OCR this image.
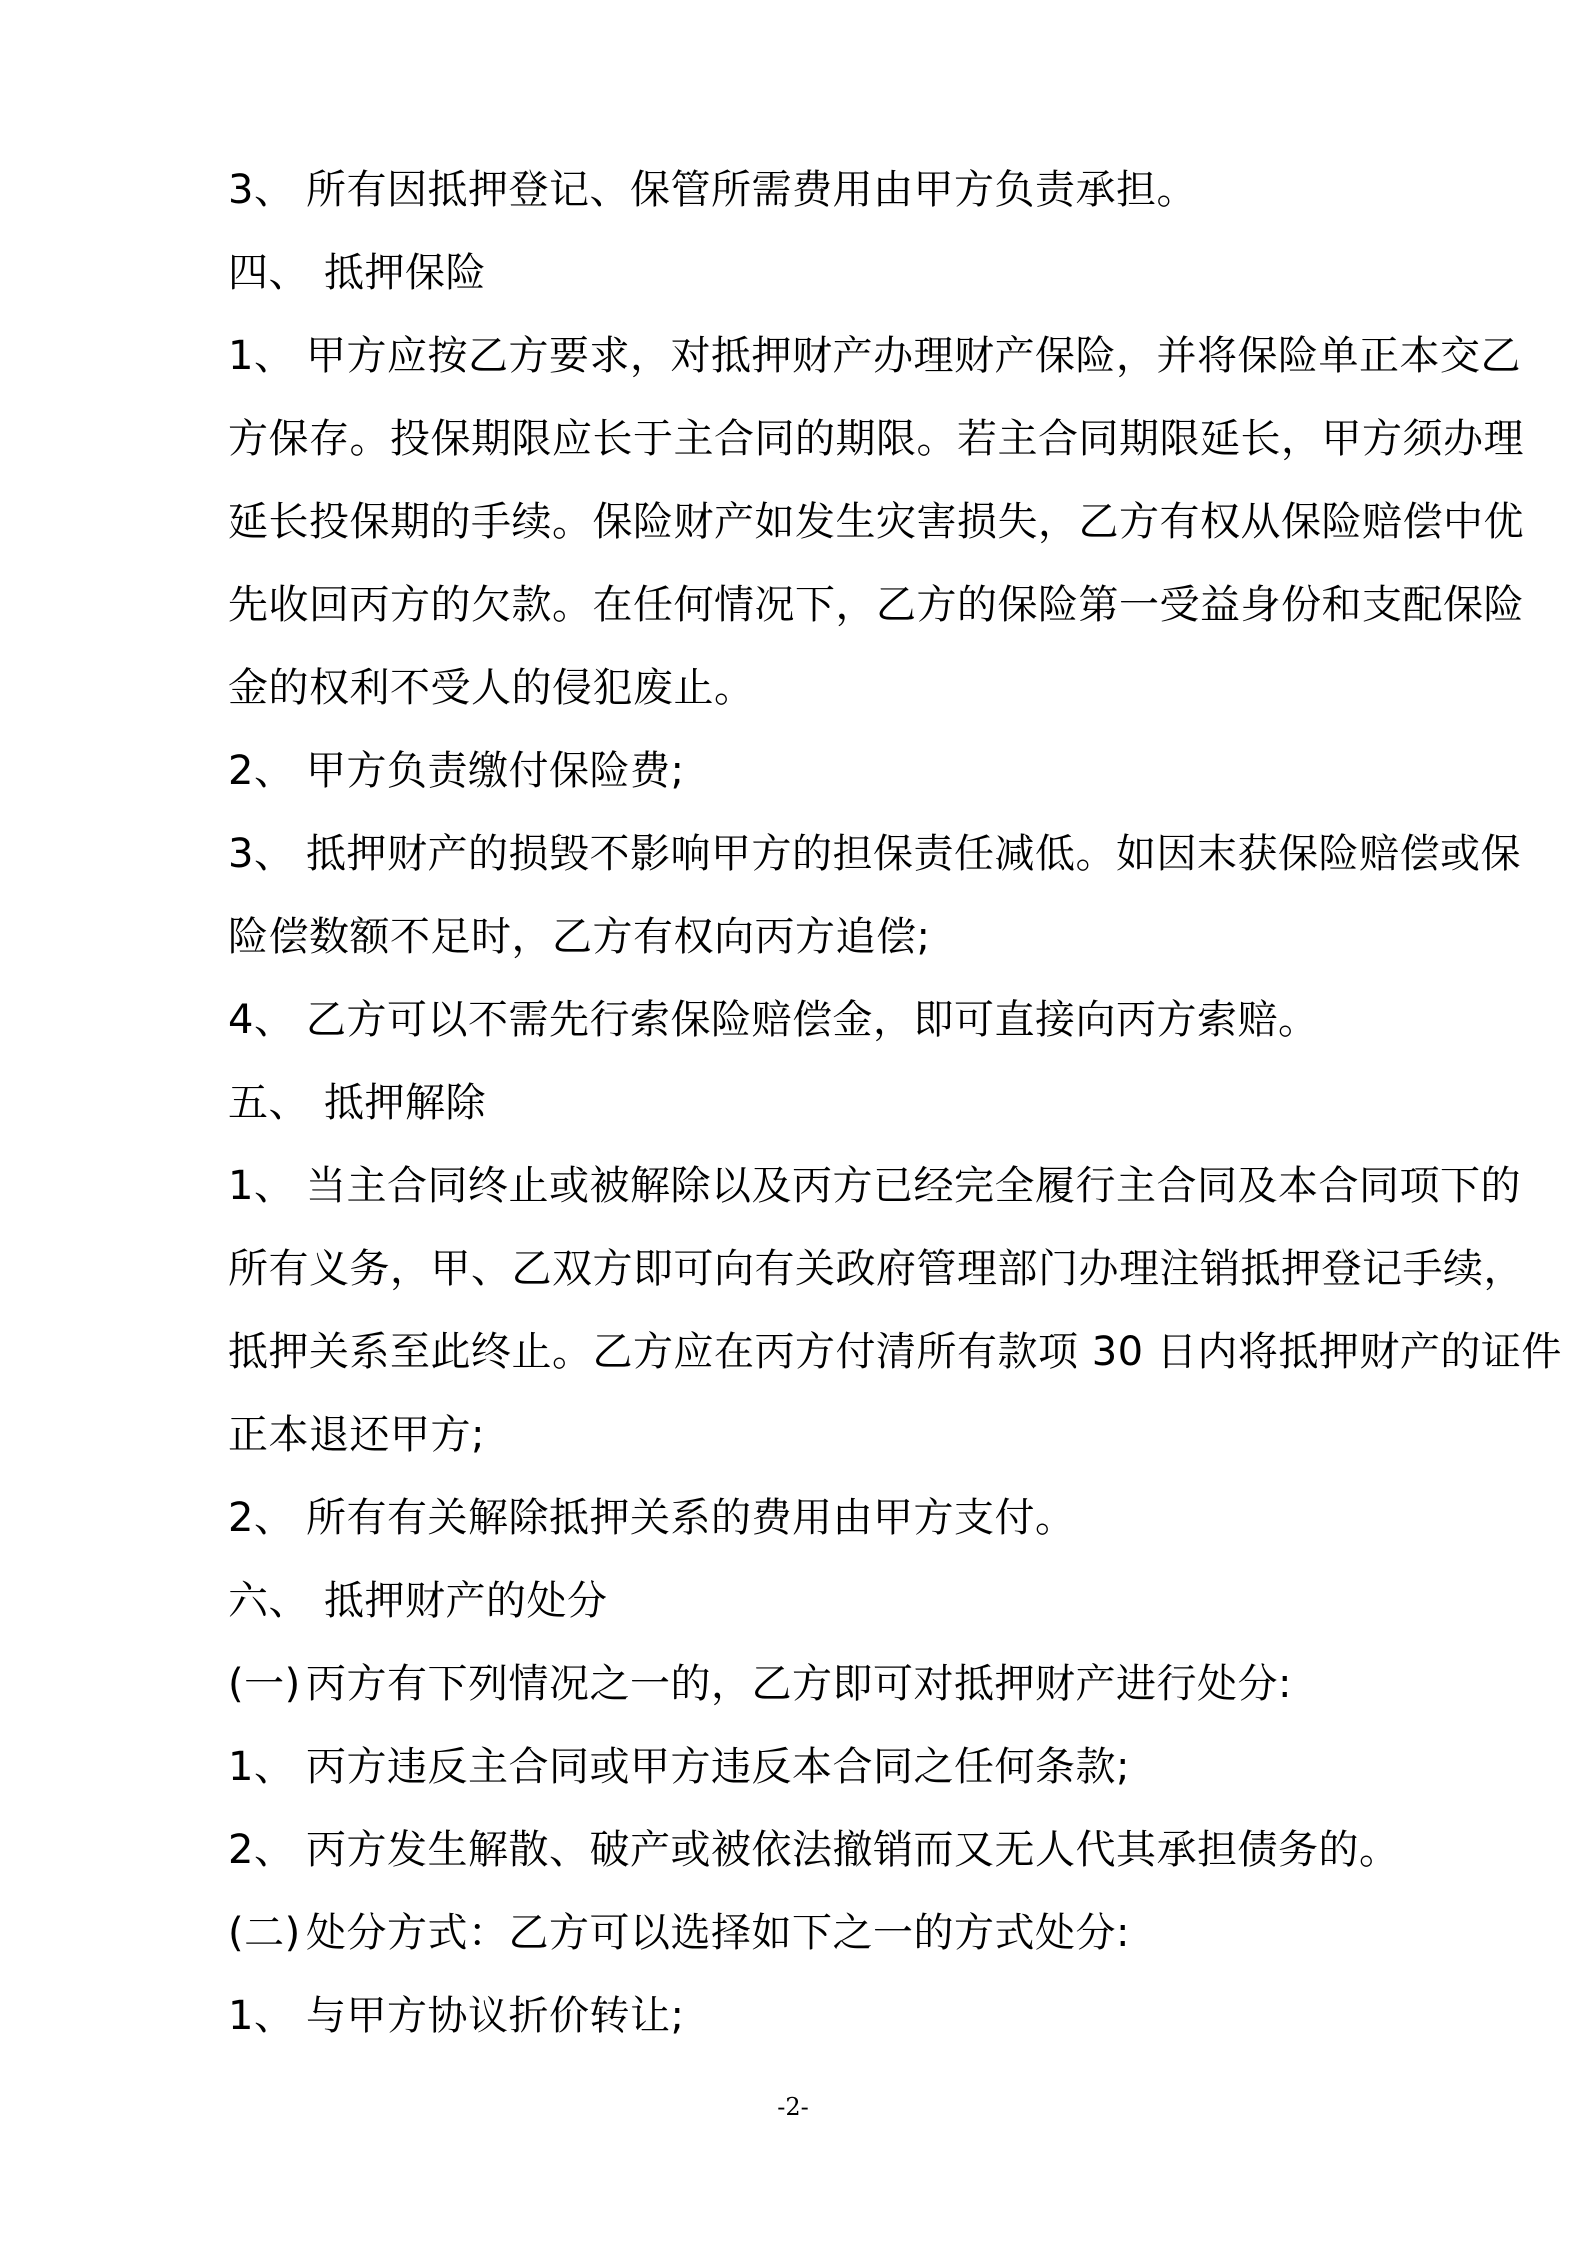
3、 所有因抵押登记、保管所需费用由甲方负责承担。
四、 抵押保险
1、 甲方应按乙方要求，对抵押财产办理财产保险，并将保险单正本交乙
方保存。投保期限应长于主合同的期限。若主合同期限延长，甲方须办理
延长投保期的手续。保险财产如发生灾害损失，乙方有权从保险赔偿中优
先收回丙方的欠款。在任何情况下，乙方的保险第一受益身份和支配保险
金的权利不受人的侵犯废止。
2、 甲方负责缴付保险费;
3、 抵押财产的损毁不影响甲方的担保责任减低。如因末获保险赔偿或保
险偿数额不足时，乙方有权向丙方追偿;
4、 乙方可以不需先行索保险赔偿金，即可直接向丙方索赔。
五、 抵押解除
1、 当主合同终止或被解除以及丙方已经完全履行主合同及本合同项下的
所有义务，甲、乙双方即可向有关政府管理部门办理注销抵押登记手续，
抵押关系至此终止。乙方应在丙方付清所有款项 30 日内将抵押财产的证件
正本退还甲方;
2、 所有有关解除抵押关系的费用由甲方支付。
六、 抵押财产的处分
(一) 丙方有下列情况之一的，乙方即可对抵押财产进行处分:
1、 丙方违反主合同或甲方违反本合同之任何条款;
2、 丙方发生解散、破产或被依法撤销而又无人代其承担债务的。
(二) 处分方式：乙方可以选择如下之一的方式处分:
1、 与甲方协议折价转让;
-2-
